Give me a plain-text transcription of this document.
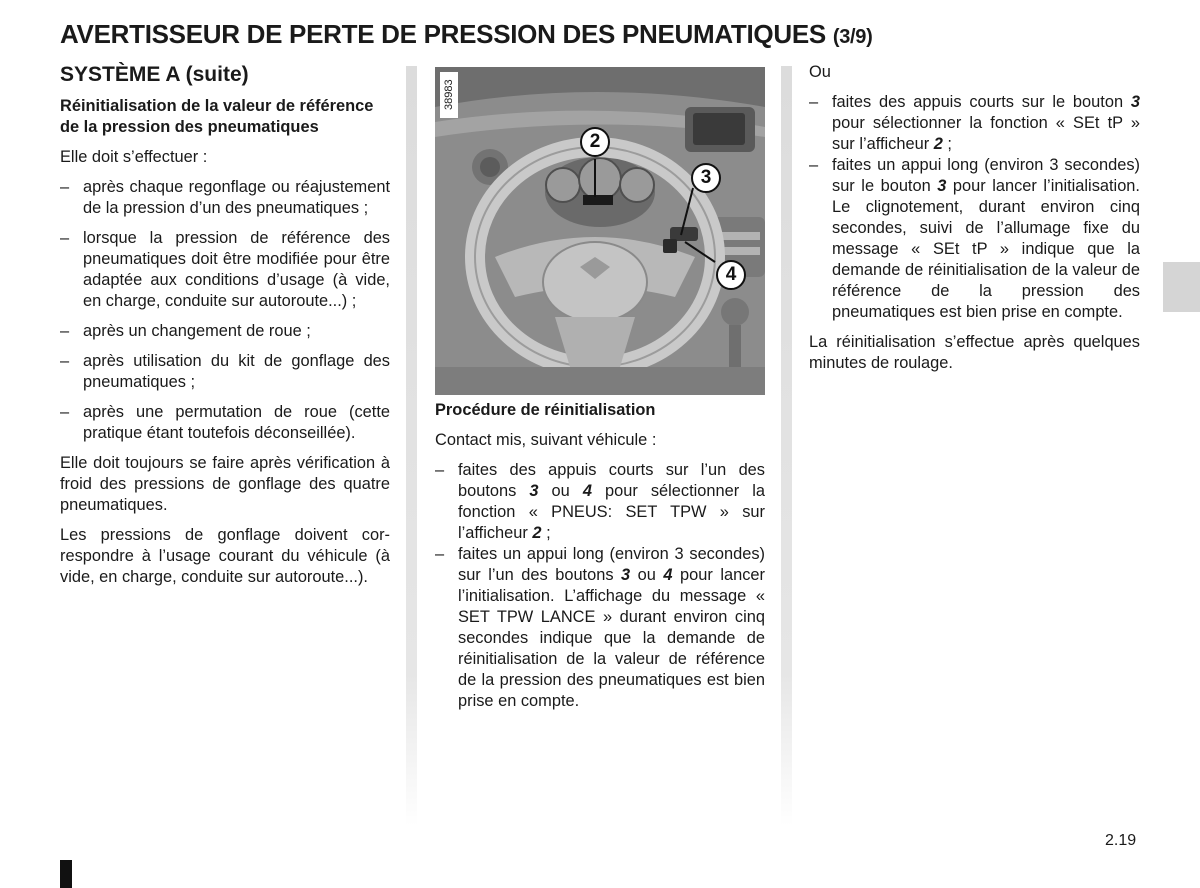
AVERTISSEUR DE PERTE DE PRESSION DES PNEUMATIQUES (3/9)
SYSTÈME A (suite)

Réinitialisation de la valeur de référence de la pression des pneumatiques

Elle doit s’effectuer :

– après chaque regonflage ou réajustement de la pression d’un des pneumatiques ;
– lorsque la pression de référence des pneumatiques doit être modifiée pour être adaptée aux conditions d’usage (à vide, en charge, conduite sur autoroute...) ;
– après un changement de roue ;
– après utilisation du kit de gonflage des pneumatiques ;
– après une permutation de roue (cette pratique étant toutefois déconseillée).

Elle doit toujours se faire après vérification à froid des pressions de gonflage des quatre pneumatiques.

Les pressions de gonflage doivent correspondre à l’usage courant du véhicule (à vide, en charge, conduite sur autoroute...).

38983
2
3
4

Procédure de réinitialisation

Contact mis, suivant véhicule :

– faites des appuis courts sur l’un des boutons 3 ou 4 pour sélectionner la fonction « PNEUS: SET TPW » sur l’afficheur 2 ;
– faites un appui long (environ 3 secondes) sur l’un des boutons 3 ou 4 pour lancer l’initialisation. L’affichage du message « SET TPW LANCE » durant environ cinq secondes indique que la demande de réinitialisation de la valeur de référence de la pression des pneumatiques est bien prise en compte.

Ou

– faites des appuis courts sur le bouton 3 pour sélectionner la fonction « SEt tP » sur l’afficheur 2 ;
– faites un appui long (environ 3 secondes) sur le bouton 3 pour lancer l’initialisation. Le clignotement, durant environ cinq secondes, suivi de l’allumage fixe du message « SEt tP » indique que la demande de réinitialisation de la valeur de référence de la pression des pneumatiques est bien prise en compte.

La réinitialisation s’effectue après quelques minutes de roulage.

2.19
